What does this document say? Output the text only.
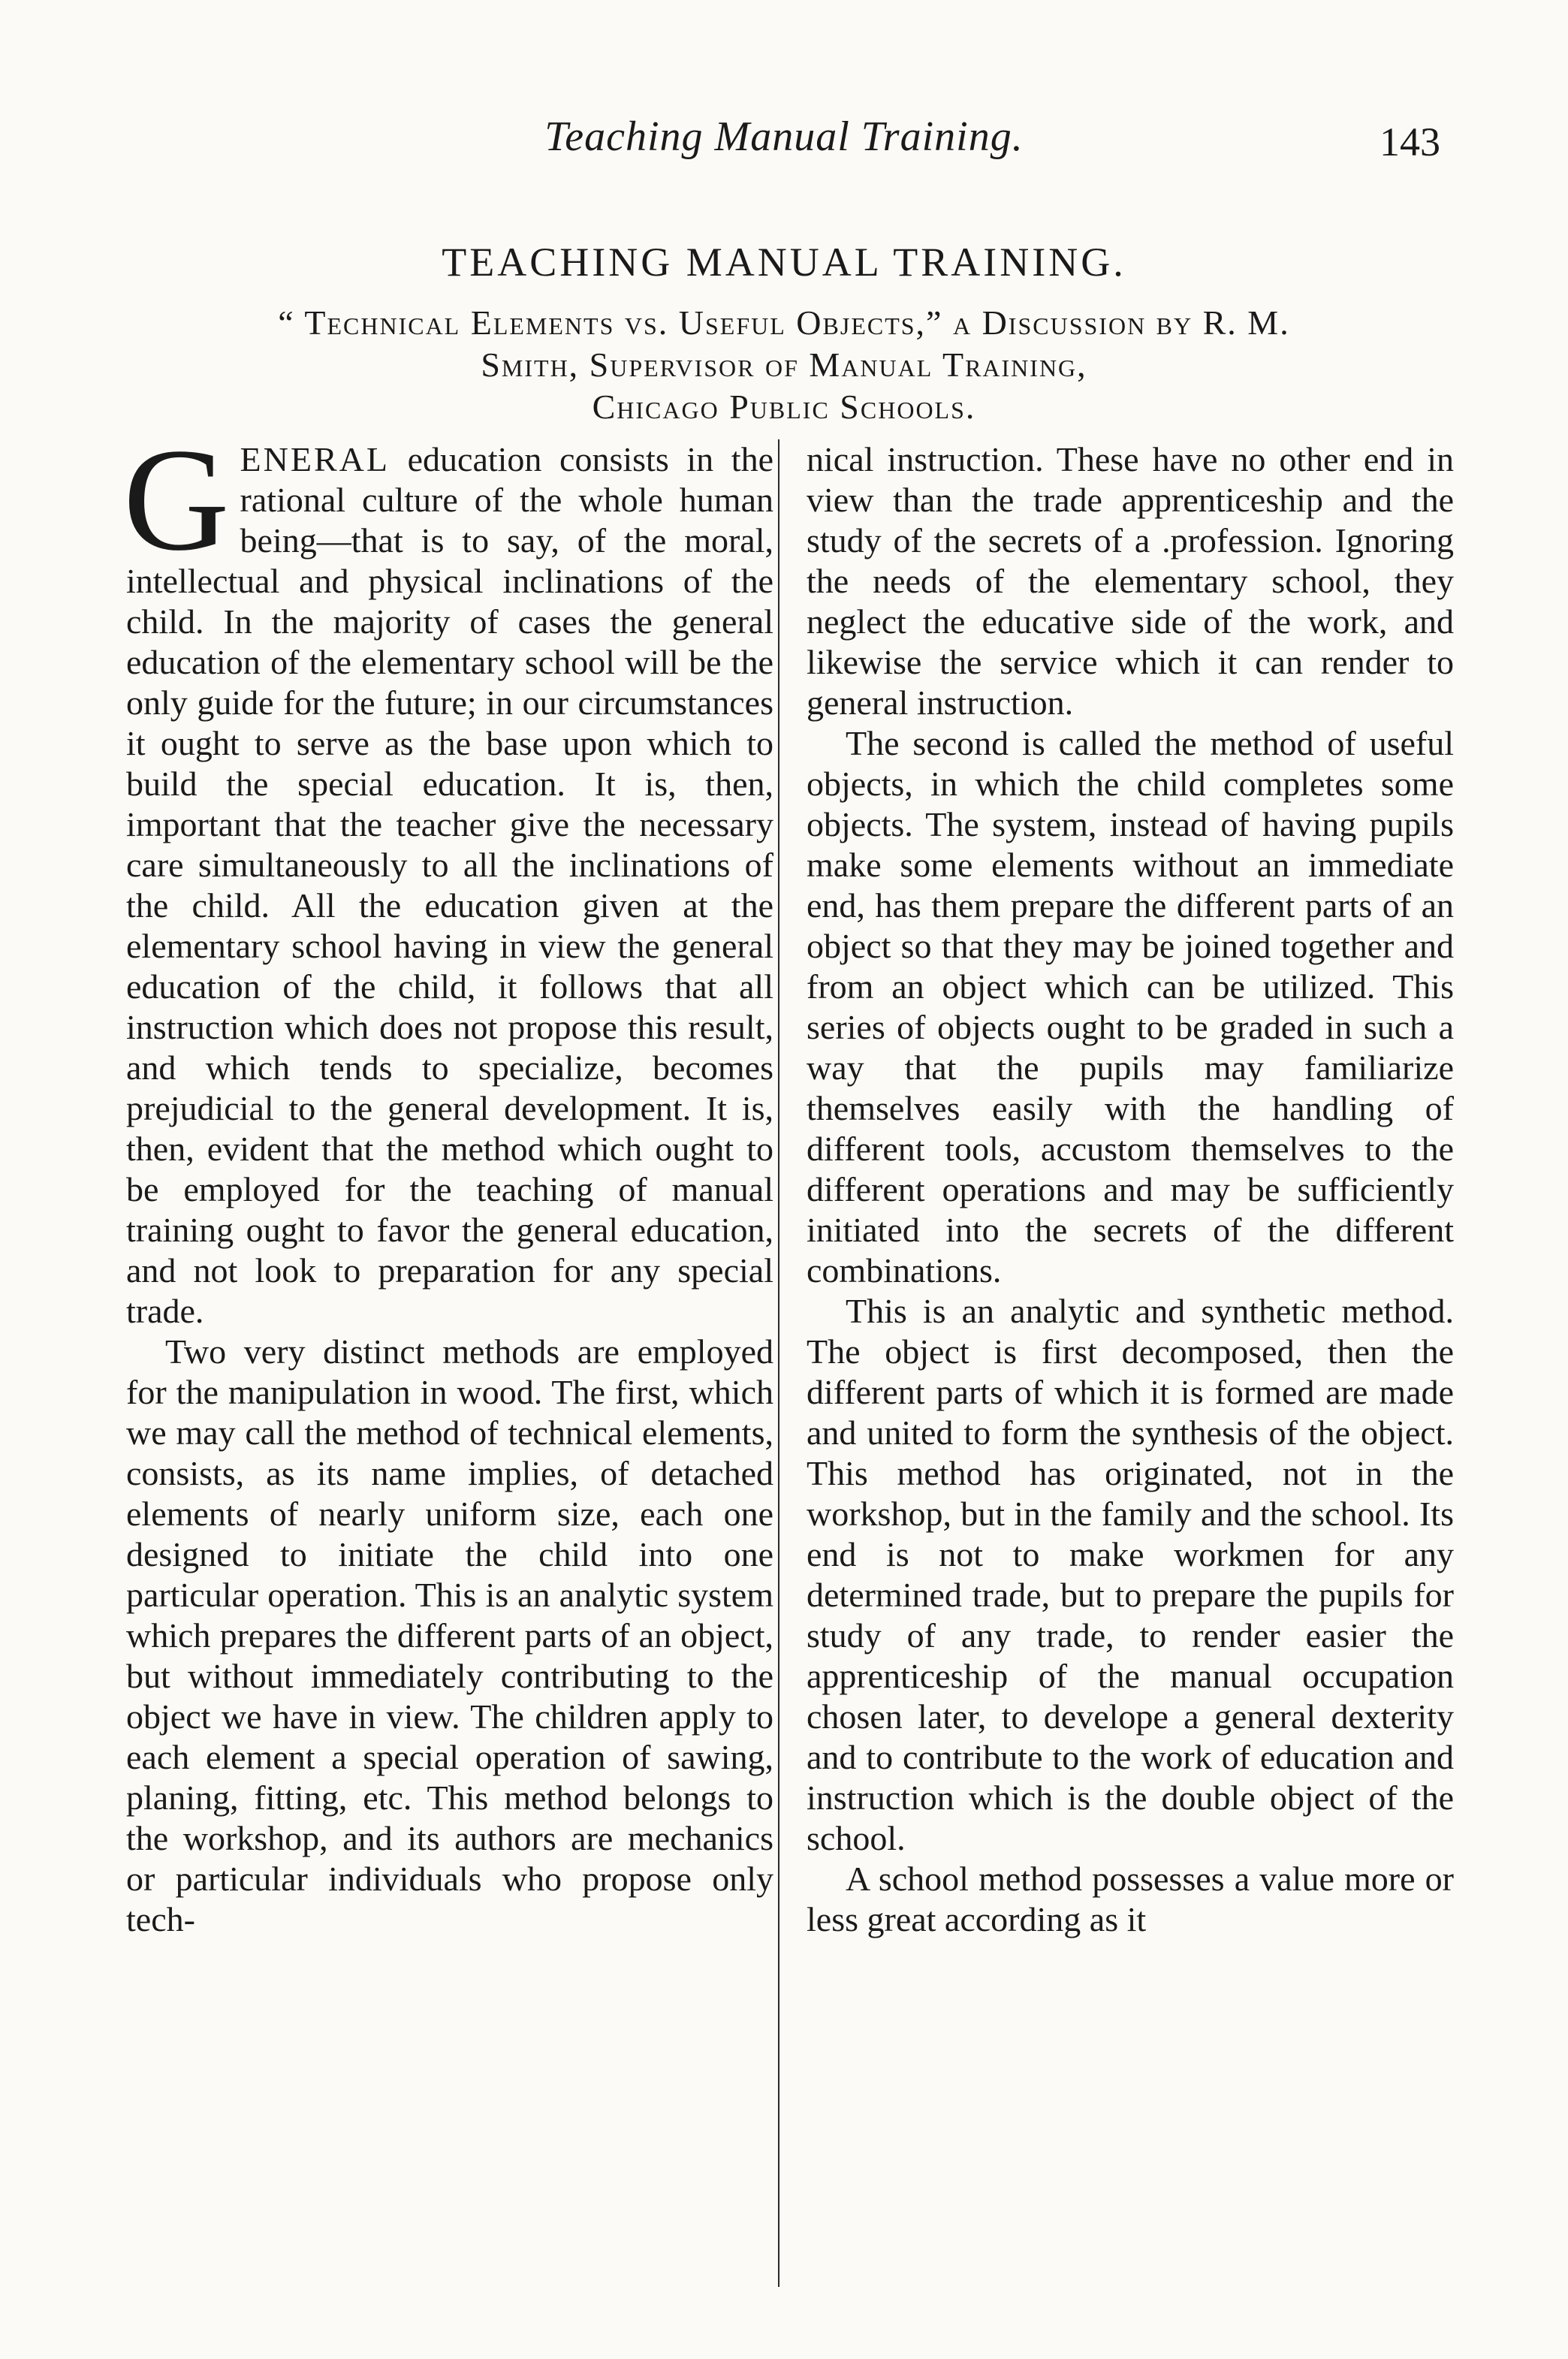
Teaching Manual Training.	143
TEACHING MANUAL TRAINING.
“ Technical Elements vs. Useful Objects,” a Discussion by R. M.
Smith, Supervisor of Manual Training,
Chicago Public Schools.

GENERAL education consists in the rational culture of the whole human being—that is to say, of the moral, intellectual and physical inclinations of the child. In the majority of cases the general education of the elementary school will be the only guide for the future; in our circumstances it ought to serve as the base upon which to build the special education. It is, then, important that the teacher give the necessary care simultaneously to all the inclinations of the child. All the education given at the elementary school having in view the general education of the child, it follows that all instruction which does not propose this result, and which tends to specialize, becomes prejudicial to the general development. It is, then, evident that the method which ought to be employed for the teaching of manual training ought to favor the general education, and not look to preparation for any special trade.

Two very distinct methods are employed for the manipulation in wood. The first, which we may call the method of technical elements, consists, as its name implies, of detached elements of nearly uniform size, each one designed to initiate the child into one particular operation. This is an analytic system which prepares the different parts of an object, but without immediately contributing to the object we have in view. The children apply to each element a special operation of sawing, planing, fitting, etc. This method belongs to the workshop, and its authors are mechanics or particular individuals who propose only tech-

nical instruction. These have no other end in view than the trade apprenticeship and the study of the secrets of a .profession. Ignoring the needs of the elementary school, they neglect the educative side of the work, and likewise the service which it can render to general instruction.

The second is called the method of useful objects, in which the child completes some objects. The system, instead of having pupils make some elements without an immediate end, has them prepare the different parts of an object so that they may be joined together and from an object which can be utilized. This series of objects ought to be graded in such a way that the pupils may familiarize themselves easily with the handling of different tools, accustom themselves to the different operations and may be sufficiently initiated into the secrets of the different combinations.

This is an analytic and synthetic method. The object is first decomposed, then the different parts of which it is formed are made and united to form the synthesis of the object. This method has originated, not in the workshop, but in the family and the school. Its end is not to make workmen for any determined trade, but to prepare the pupils for study of any trade, to render easier the apprenticeship of the manual occupation chosen later, to develope a general dexterity and to contribute to the work of education and instruction which is the double object of the school.

A school method possesses a value more or less great according as it
